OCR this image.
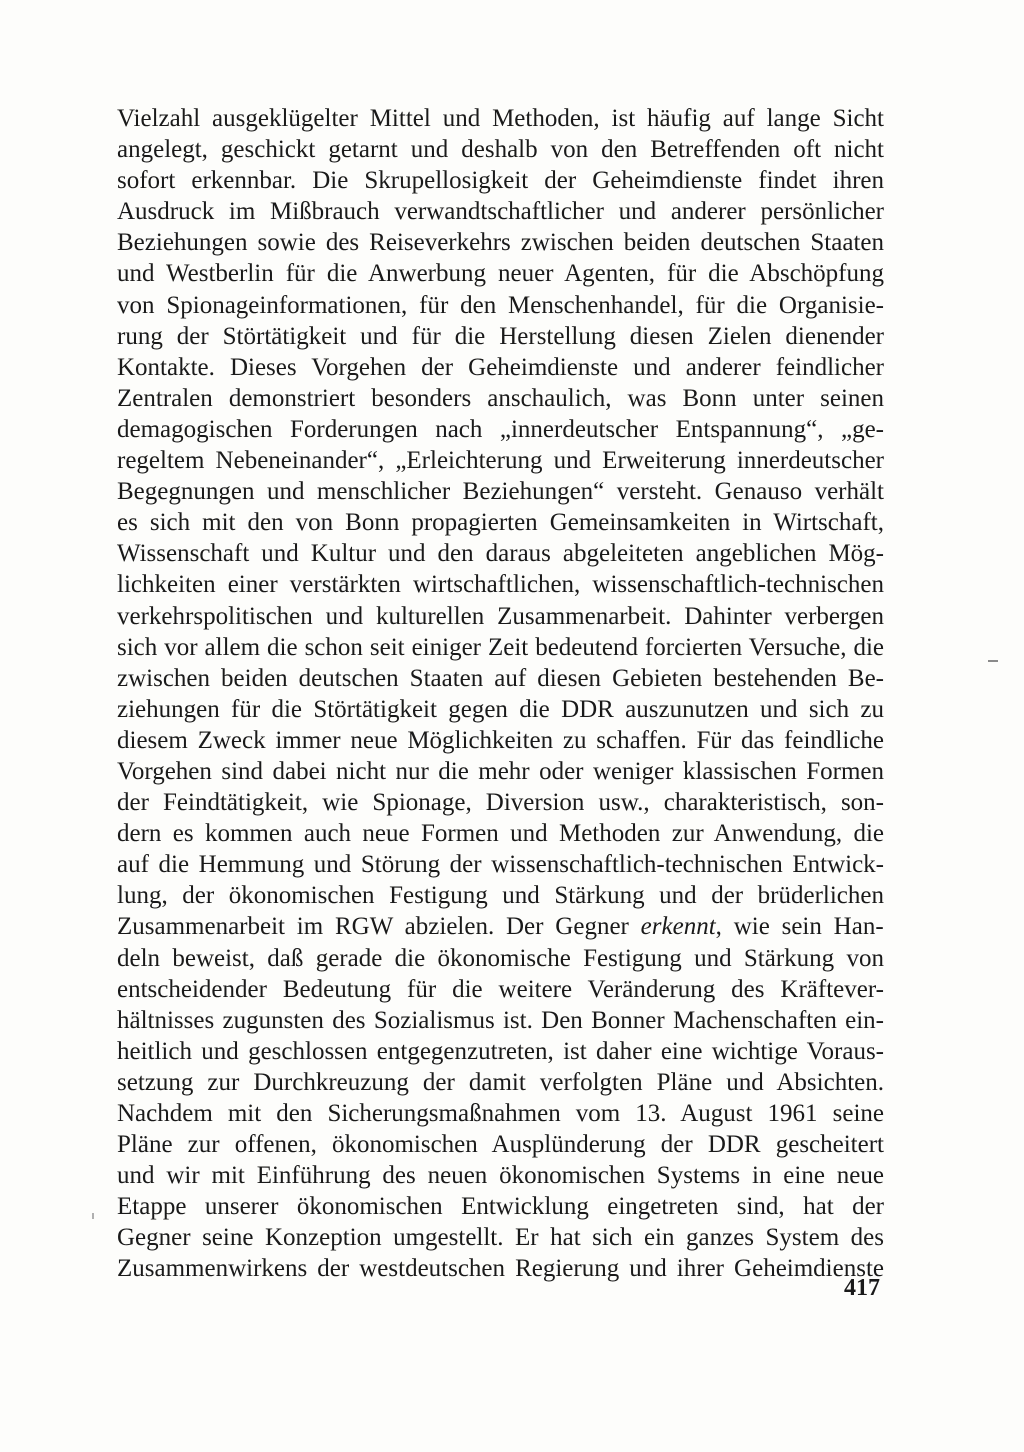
Vielzahl ausgeklügelter Mittel und Methoden, ist häufig auf lange Sicht
angelegt, geschickt getarnt und deshalb von den Betreffenden oft nicht
sofort erkennbar. Die Skrupellosigkeit der Geheimdienste findet ihren
Ausdruck im Mißbrauch verwandtschaftlicher und anderer persönlicher
Beziehungen sowie des Reiseverkehrs zwischen beiden deutschen Staaten
und Westberlin für die Anwerbung neuer Agenten, für die Abschöpfung
von Spionageinformationen, für den Menschenhandel, für die Organisie-
rung der Störtätigkeit und für die Herstellung diesen Zielen dienender
Kontakte. Dieses Vorgehen der Geheimdienste und anderer feindlicher
Zentralen demonstriert besonders anschaulich, was Bonn unter seinen
demagogischen Forderungen nach „innerdeutscher Entspannung“, „ge-
regeltem Nebeneinander“, „Erleichterung und Erweiterung innerdeutscher
Begegnungen und menschlicher Beziehungen“ versteht. Genauso verhält
es sich mit den von Bonn propagierten Gemeinsamkeiten in Wirtschaft,
Wissenschaft und Kultur und den daraus abgeleiteten angeblichen Mög-
lichkeiten einer verstärkten wirtschaftlichen, wissenschaftlich-technischen
verkehrspolitischen und kulturellen Zusammenarbeit. Dahinter verbergen
sich vor allem die schon seit einiger Zeit bedeutend forcierten Versuche, die
zwischen beiden deutschen Staaten auf diesen Gebieten bestehenden Be-
ziehungen für die Störtätigkeit gegen die DDR auszunutzen und sich zu
diesem Zweck immer neue Möglichkeiten zu schaffen. Für das feindliche
Vorgehen sind dabei nicht nur die mehr oder weniger klassischen Formen
der Feindtätigkeit, wie Spionage, Diversion usw., charakteristisch, son-
dern es kommen auch neue Formen und Methoden zur Anwendung, die
auf die Hemmung und Störung der wissenschaftlich-technischen Entwick-
lung, der ökonomischen Festigung und Stärkung und der brüderlichen
Zusammenarbeit im RGW abzielen. Der Gegner erkennt, wie sein Han-
deln beweist, daß gerade die ökonomische Festigung und Stärkung von
entscheidender Bedeutung für die weitere Veränderung des Kräftever-
hältnisses zugunsten des Sozialismus ist. Den Bonner Machenschaften ein-
heitlich und geschlossen entgegenzutreten, ist daher eine wichtige Voraus-
setzung zur Durchkreuzung der damit verfolgten Pläne und Absichten.
Nachdem mit den Sicherungsmaßnahmen vom 13. August 1961 seine
Pläne zur offenen, ökonomischen Ausplünderung der DDR gescheitert
und wir mit Einführung des neuen ökonomischen Systems in eine neue
Etappe unserer ökonomischen Entwicklung eingetreten sind, hat der
Gegner seine Konzeption umgestellt. Er hat sich ein ganzes System des
Zusammenwirkens der westdeutschen Regierung und ihrer Geheimdienste
417
